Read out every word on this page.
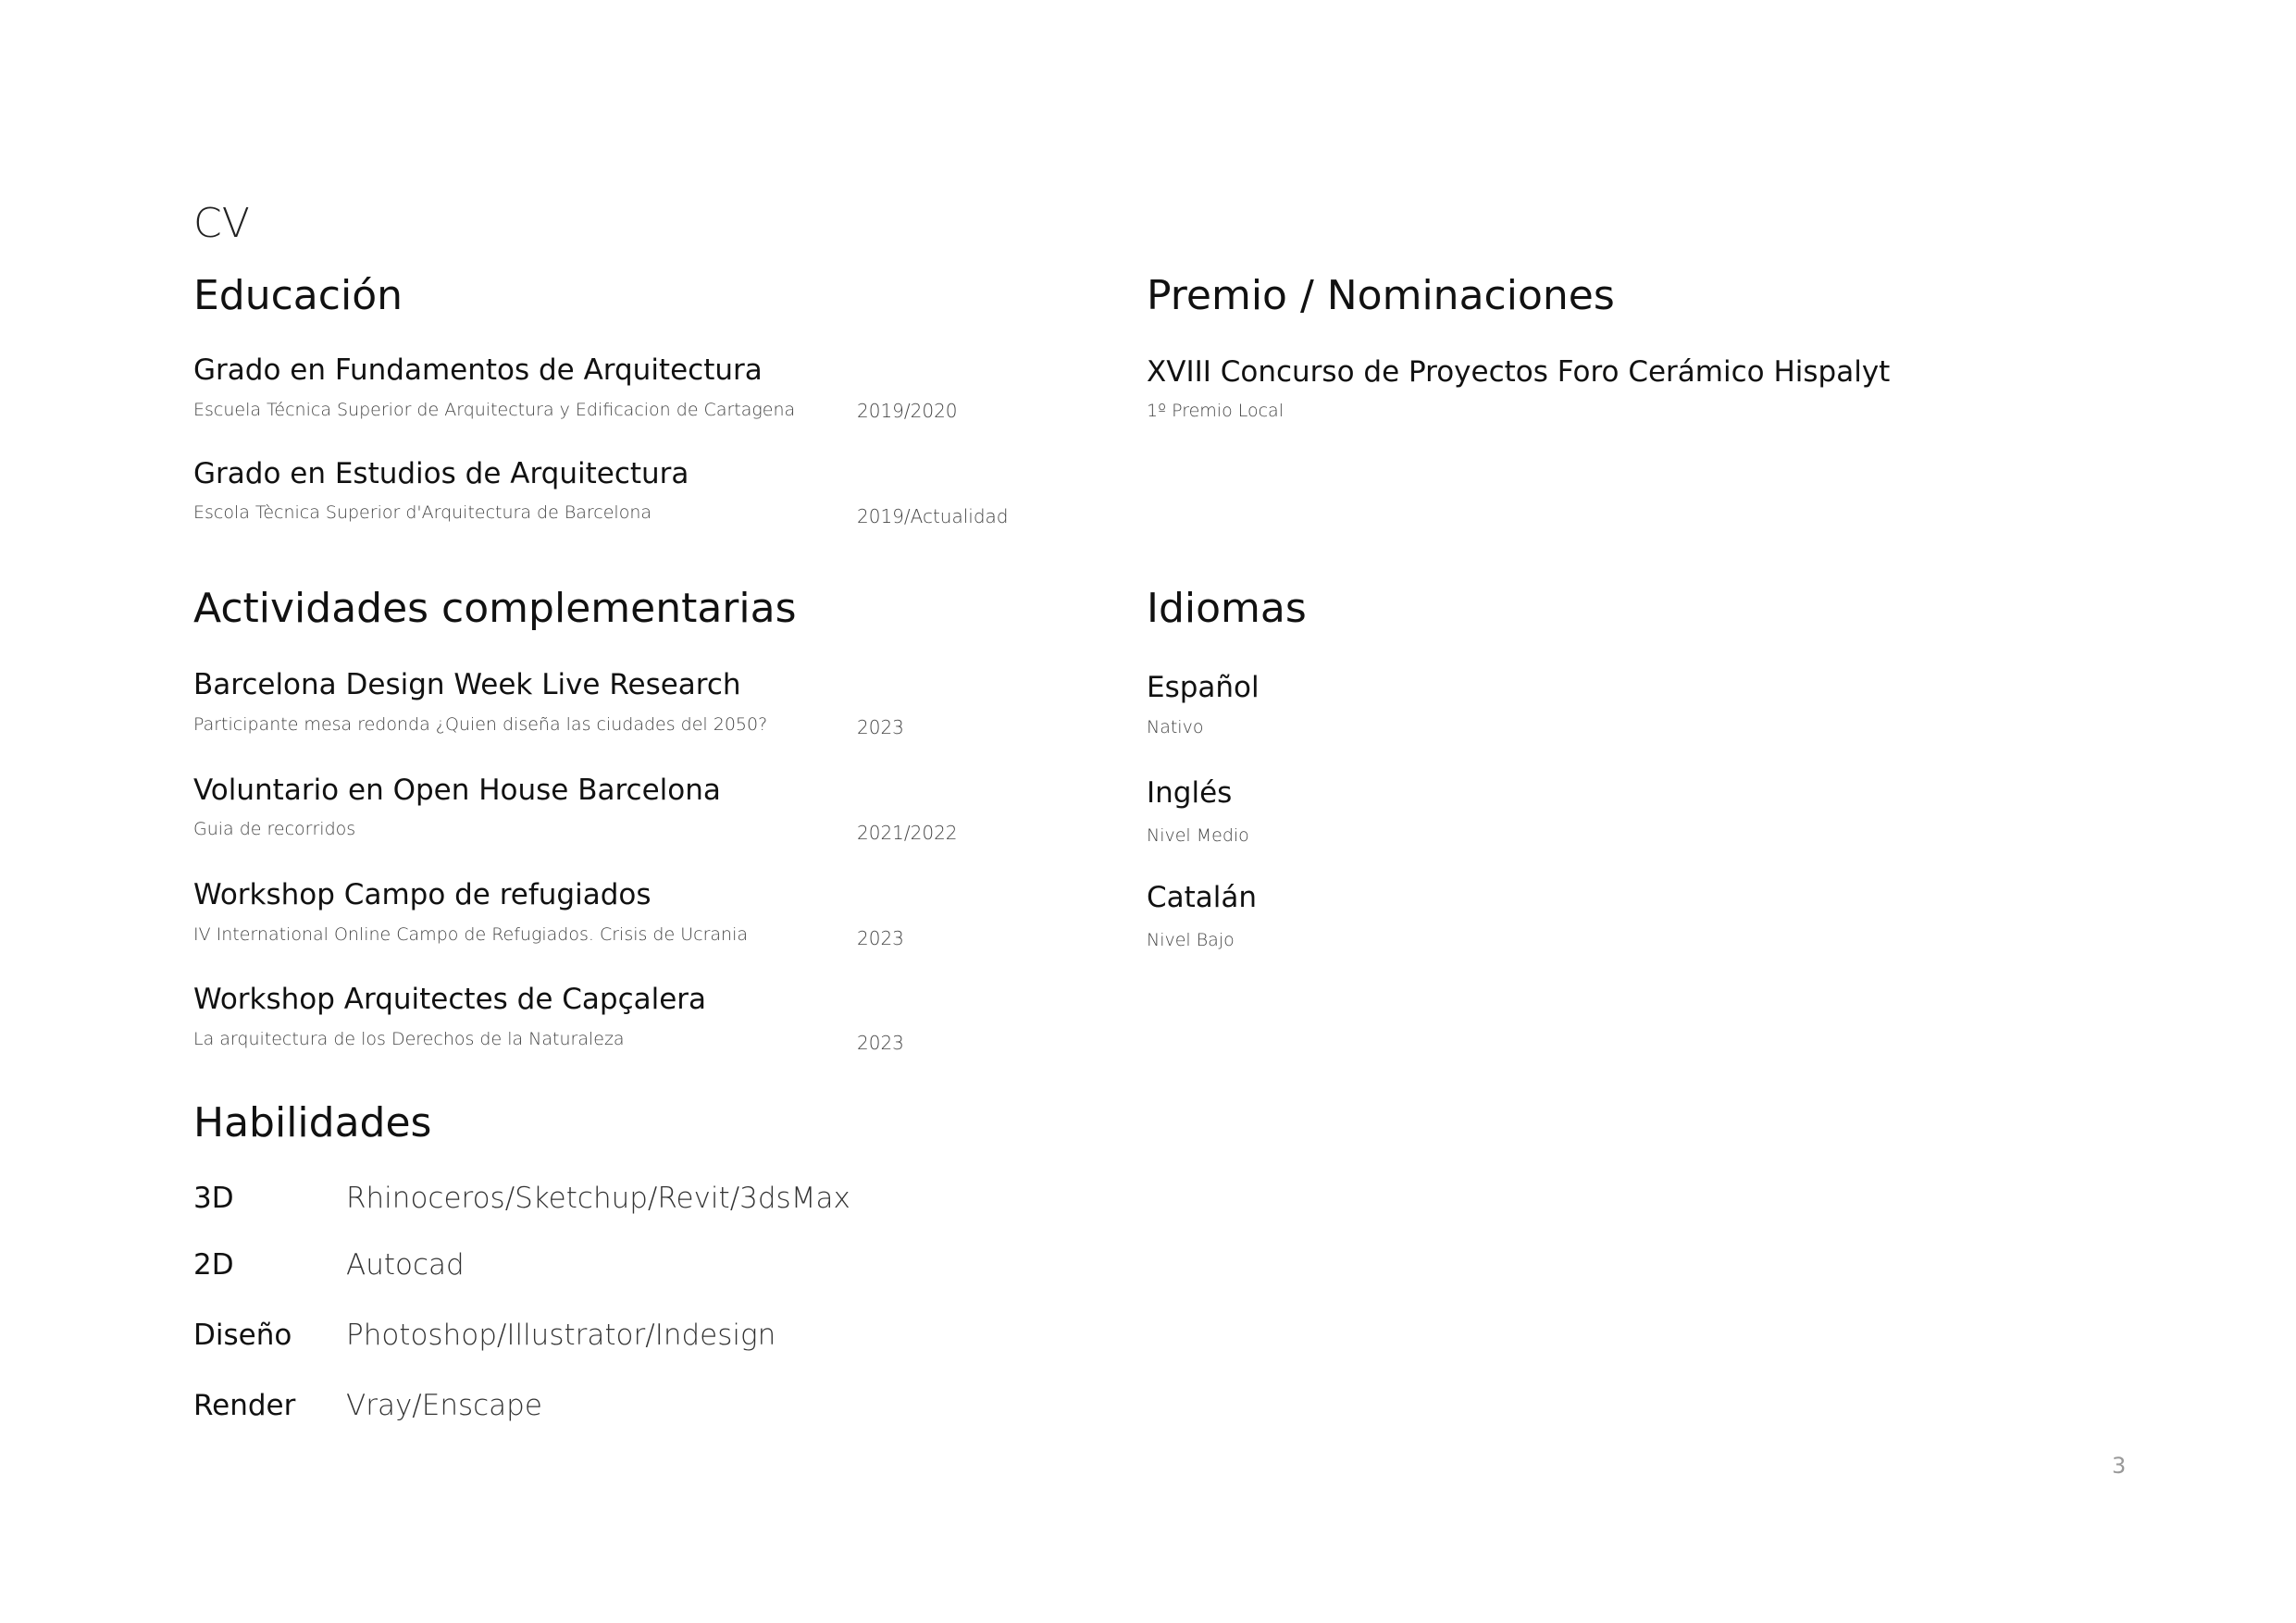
CV
Educación
Grado en Fundamentos de Arquitectura
Escuela Técnica Superior de Arquitectura y Edificacion de Cartagena	2019/2020
Grado en Estudios de Arquitectura
Escola Tècnica Superior d'Arquitectura de Barcelona	2019/Actualidad
Premio / Nominaciones
XVIII Concurso de Proyectos Foro Cerámico Hispalyt
1º Premio Local
Actividades complementarias
Barcelona Design Week Live Research
Participante mesa redonda ¿Quien diseña las ciudades del 2050?	2023
Voluntario en Open House Barcelona
Guia de recorridos	2021/2022
Workshop Campo de refugiados
IV International Online Campo de Refugiados. Crisis de Ucrania	2023
Workshop Arquitectes de Capçalera
La arquitectura de los Derechos de la Naturaleza	2023
Idiomas
Español
Nativo
Inglés
Nivel Medio
Catalán
Nivel Bajo
Habilidades
3D	Rhinoceros/Sketchup/Revit/3dsMax
2D	Autocad
Diseño Photoshop/Illustrator/Indesign
Render Vray/Enscape
3
